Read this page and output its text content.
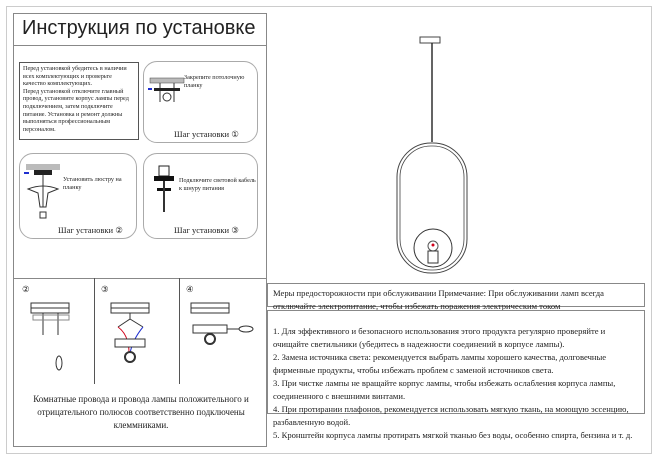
Инструкция по установке
Перед установкой убедитесь в наличии всех комплектующих и проверьте качество комплектующих.
Перед установкой отключите главный провод, установите корпус лампы перед подключением, затем подключите питание. Установка и ремонт должны выполняться профессиональным персоналом.
Закрепите потолочную планку
Шаг установки ①
Установить люстру на планку
Шаг установки ②
Подключите световой кабель к шнуру питания
Шаг установки ③
②	③	④
Комнатные провода и провода лампы положительного и отрицательного полюсов соответственно подключены клеммниками.
Меры предосторожности при обслуживании Примечание: При обслуживании ламп всегда отключайте электропитание, чтобы избежать поражения электрическим током
1. Для эффективного и безопасного использования этого продукта регулярно проверяйте и очищайте светильники (убедитесь в надежности соединений в корпусе лампы).
2. Замена источника света: рекомендуется выбрать лампы хорошего качества, долговечные фирменные продукты, чтобы избежать проблем с заменой источников света.
3. При чистке лампы не вращайте корпус лампы, чтобы избежать ослабления корпуса лампы, соединенного с внешними винтами.
4. При протирании плафонов, рекомендуется использовать мягкую ткань, на моющую эссенцию, разбавленную водой.
5. Кронштейн корпуса лампы протирать мягкой тканью без воды, особенно спирта, бензина и т. д.
